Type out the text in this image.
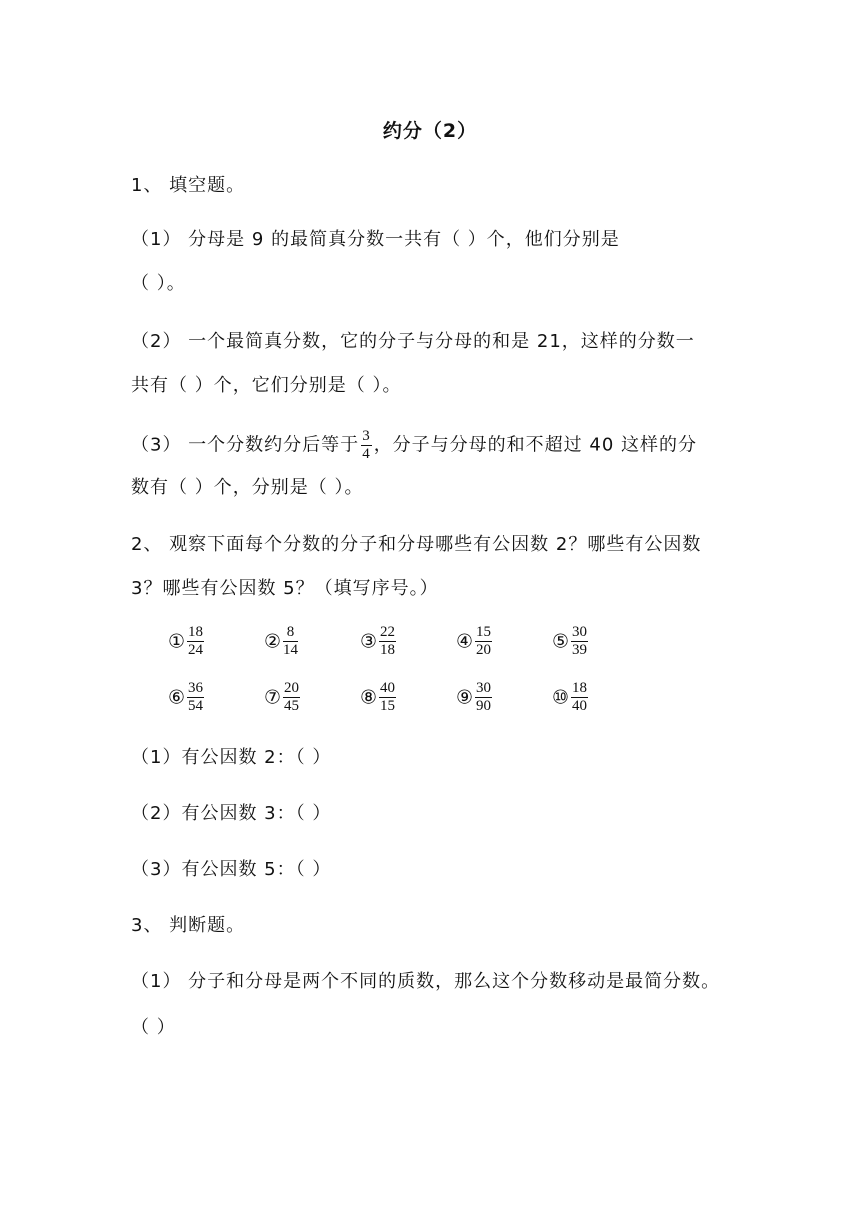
约分（2）
1、 填空题。
（1） 分母是 9 的最简真分数一共有（ ）个，他们分别是
（ ）。
（2） 一个最简真分数，它的分子与分母的和是 21，这样的分数一
共有（ ）个，它们分别是（ ）。
（3） 一个分数约分后等于 $\frac{3}{4}$ ，分子与分母的和不超过 40 这样的分
数有（ ）个，分别是（ ）。
2、 观察下面每个分数的分子和分母哪些有公因数 2？哪些有公因数
3？哪些有公因数 5？（填写序号。）
① $\frac{18}{24}$	② $\frac{8}{14}$	③ $\frac{22}{18}$	④ $\frac{15}{20}$	⑤ $\frac{30}{39}$
⑥ $\frac{36}{54}$	⑦ $\frac{20}{45}$	⑧ $\frac{40}{15}$	⑨ $\frac{30}{90}$	⑩ $\frac{18}{40}$
（1）有公因数 2：（ ）
（2）有公因数 3：（ ）
（3）有公因数 5：（ ）
3、 判断题。
（1） 分子和分母是两个不同的质数，那么这个分数移动是最简分数。
（ ）
